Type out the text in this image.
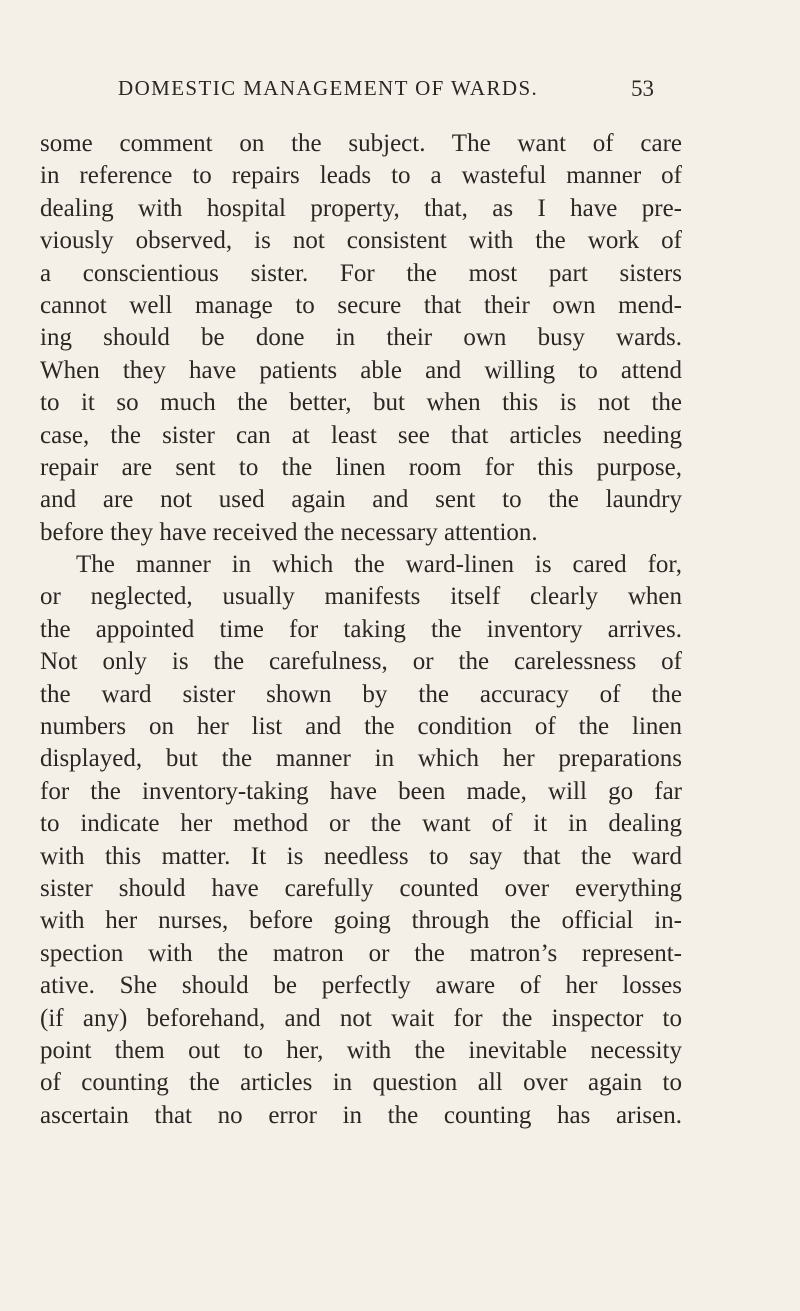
DOMESTIC MANAGEMENT OF WARDS.	53
some comment on the subject. The want of care
in reference to repairs leads to a wasteful manner of
dealing with hospital property, that, as I have pre-
viously observed, is not consistent with the work of
a conscientious sister. For the most part sisters
cannot well manage to secure that their own mend-
ing should be done in their own busy wards.
When they have patients able and willing to attend
to it so much the better, but when this is not the
case, the sister can at least see that articles needing
repair are sent to the linen room for this purpose,
and are not used again and sent to the laundry
before they have received the necessary attention.
The manner in which the ward-linen is cared for,
or neglected, usually manifests itself clearly when
the appointed time for taking the inventory arrives.
Not only is the carefulness, or the carelessness of
the ward sister shown by the accuracy of the
numbers on her list and the condition of the linen
displayed, but the manner in which her preparations
for the inventory-taking have been made, will go far
to indicate her method or the want of it in dealing
with this matter. It is needless to say that the ward
sister should have carefully counted over everything
with her nurses, before going through the official in-
spection with the matron or the matron’s represent-
ative. She should be perfectly aware of her losses
(if any) beforehand, and not wait for the inspector to
point them out to her, with the inevitable necessity
of counting the articles in question all over again to
ascertain that no error in the counting has arisen.
